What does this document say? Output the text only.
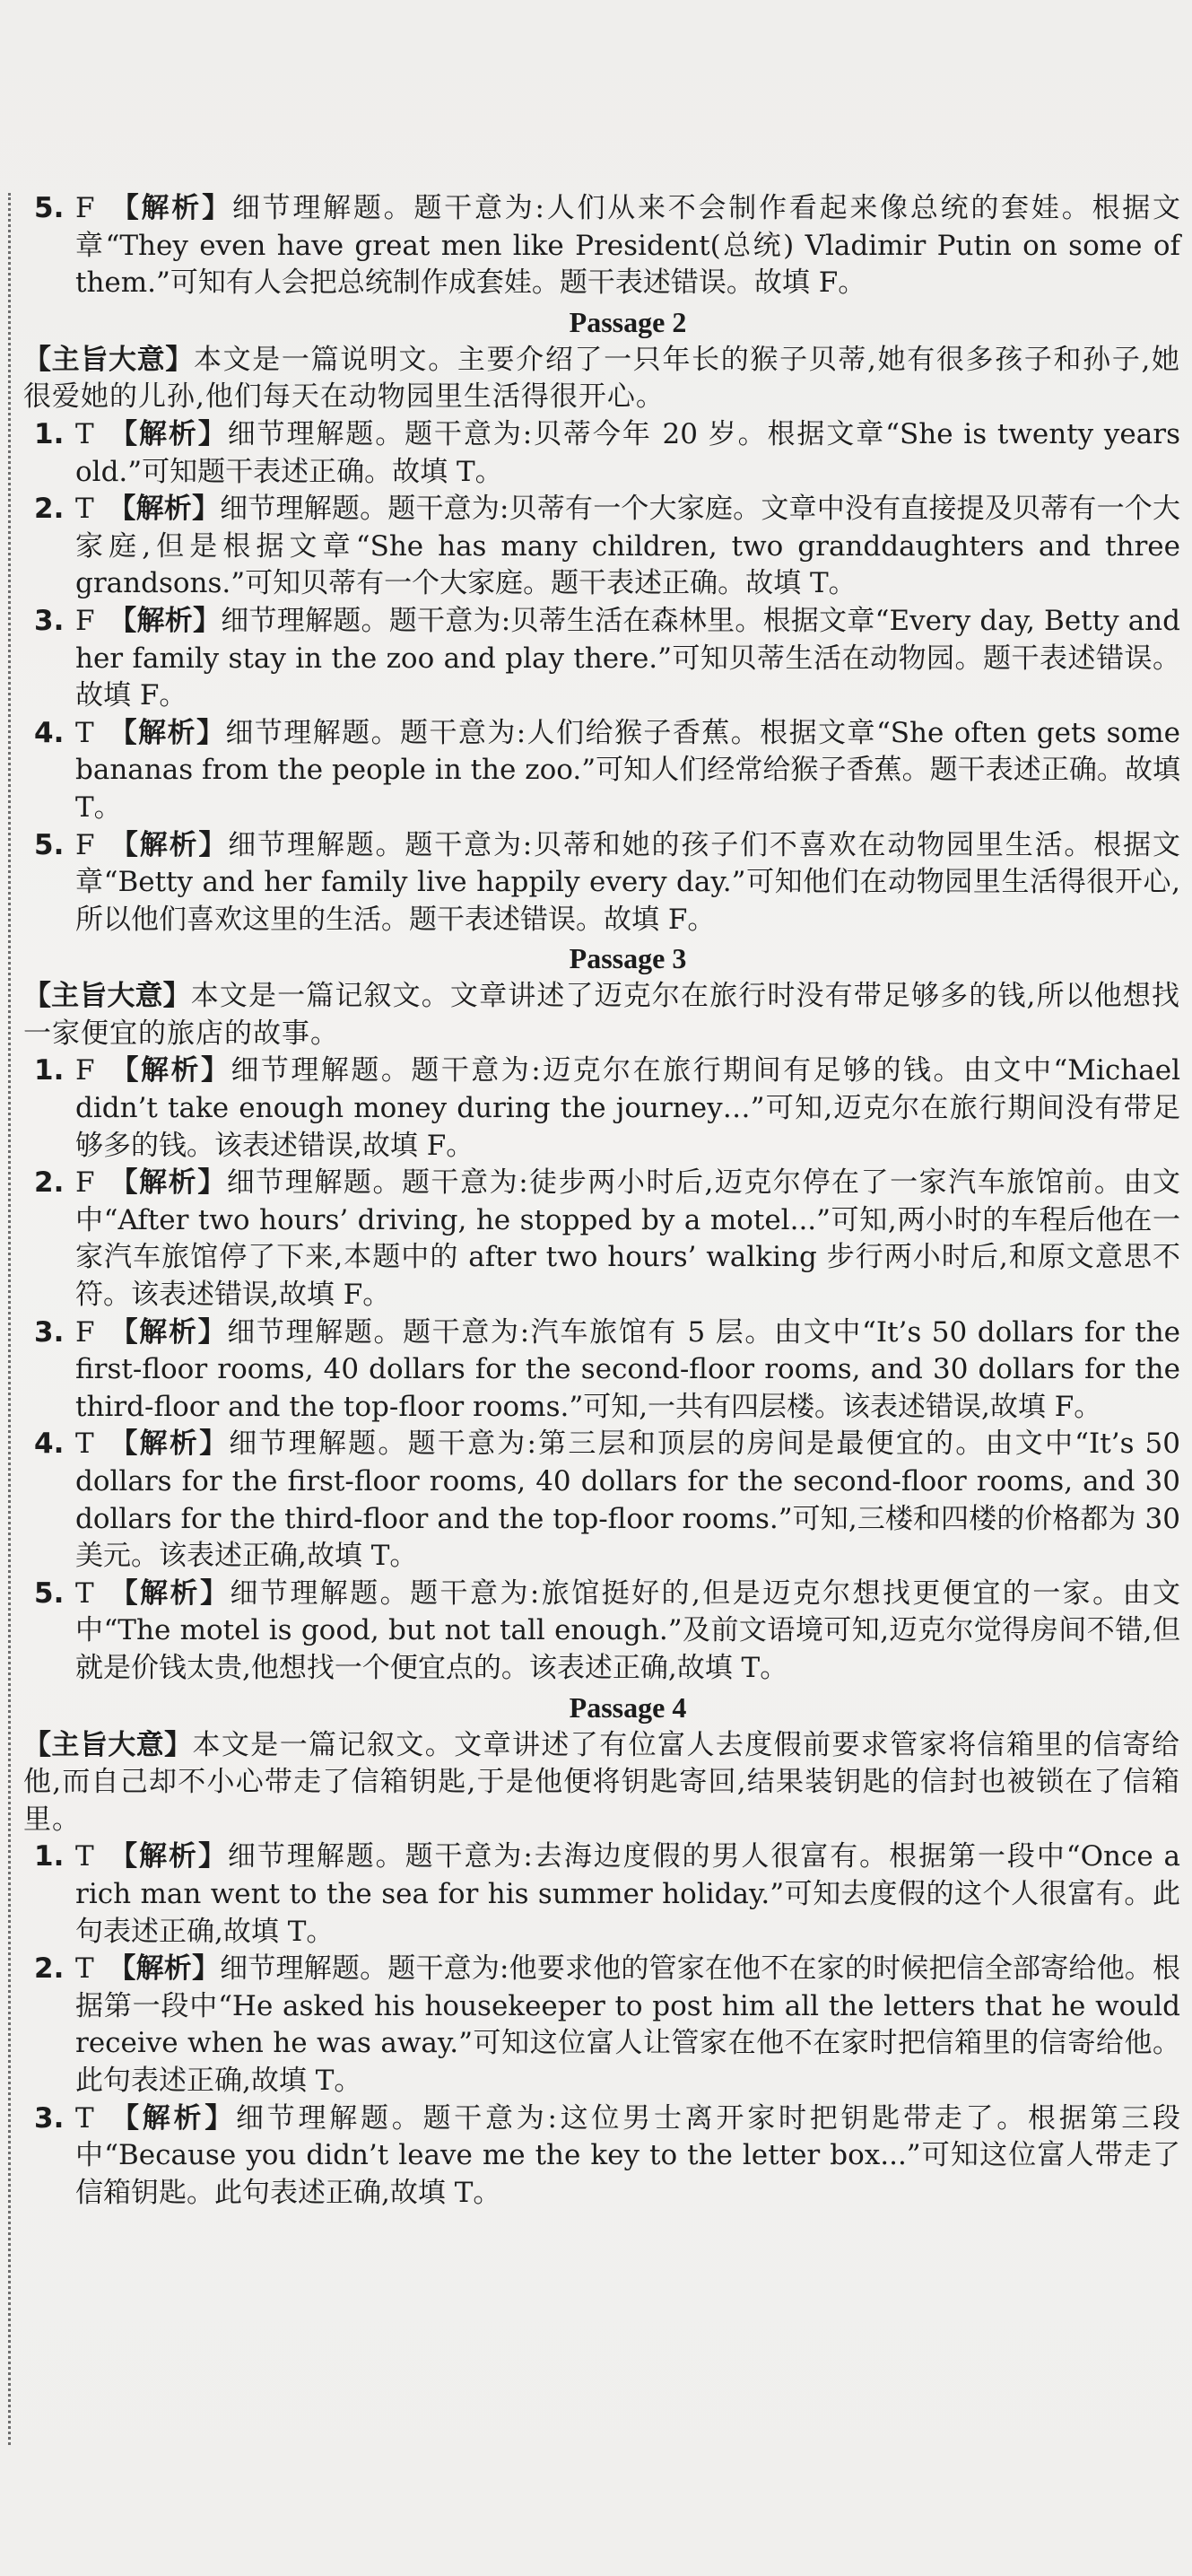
5. F  【解析】细节理解题。题干意为:人们从来不会制作看起来像总统的套娃。根据文章“They even have great men like President(总统) Vladimir Putin on some of them.”可知有人会把总统制作成套娃。题干表述错误。故填 F。
Passage 2
【主旨大意】本文是一篇说明文。主要介绍了一只年长的猴子贝蒂,她有很多孩子和孙子,她很爱她的儿孙,他们每天在动物园里生活得很开心。
1. T  【解析】细节理解题。题干意为:贝蒂今年 20 岁。根据文章“She is twenty years old.”可知题干表述正确。故填 T。
2. T  【解析】细节理解题。题干意为:贝蒂有一个大家庭。文章中没有直接提及贝蒂有一个大家庭,但是根据文章“She has many children, two granddaughters and three grandsons.”可知贝蒂有一个大家庭。题干表述正确。故填 T。
3. F  【解析】细节理解题。题干意为:贝蒂生活在森林里。根据文章“Every day, Betty and her family stay in the zoo and play there.”可知贝蒂生活在动物园。题干表述错误。故填 F。
4. T  【解析】细节理解题。题干意为:人们给猴子香蕉。根据文章“She often gets some bananas from the people in the zoo.”可知人们经常给猴子香蕉。题干表述正确。故填 T。
5. F  【解析】细节理解题。题干意为:贝蒂和她的孩子们不喜欢在动物园里生活。根据文章“Betty and her family live happily every day.”可知他们在动物园里生活得很开心,所以他们喜欢这里的生活。题干表述错误。故填 F。
Passage 3
【主旨大意】本文是一篇记叙文。文章讲述了迈克尔在旅行时没有带足够多的钱,所以他想找一家便宜的旅店的故事。
1. F  【解析】细节理解题。题干意为:迈克尔在旅行期间有足够的钱。由文中“Michael didn’t take enough money during the journey…”可知,迈克尔在旅行期间没有带足够多的钱。该表述错误,故填 F。
2. F  【解析】细节理解题。题干意为:徒步两小时后,迈克尔停在了一家汽车旅馆前。由文中“After two hours’ driving, he stopped by a motel...”可知,两小时的车程后他在一家汽车旅馆停了下来,本题中的 after two hours’ walking 步行两小时后,和原文意思不符。该表述错误,故填 F。
3. F  【解析】细节理解题。题干意为:汽车旅馆有 5 层。由文中“It’s 50 dollars for the first-floor rooms, 40 dollars for the second-floor rooms, and 30 dollars for the third-floor and the top-floor rooms.”可知,一共有四层楼。该表述错误,故填 F。
4. T  【解析】细节理解题。题干意为:第三层和顶层的房间是最便宜的。由文中“It’s 50 dollars for the first-floor rooms, 40 dollars for the second-floor rooms, and 30 dollars for the third-floor and the top-floor rooms.”可知,三楼和四楼的价格都为 30 美元。该表述正确,故填 T。
5. T  【解析】细节理解题。题干意为:旅馆挺好的,但是迈克尔想找更便宜的一家。由文中“The motel is good, but not tall enough.”及前文语境可知,迈克尔觉得房间不错,但就是价钱太贵,他想找一个便宜点的。该表述正确,故填 T。
Passage 4
【主旨大意】本文是一篇记叙文。文章讲述了有位富人去度假前要求管家将信箱里的信寄给他,而自己却不小心带走了信箱钥匙,于是他便将钥匙寄回,结果装钥匙的信封也被锁在了信箱里。
1. T  【解析】细节理解题。题干意为:去海边度假的男人很富有。根据第一段中“Once a rich man went to the sea for his summer holiday.”可知去度假的这个人很富有。此句表述正确,故填 T。
2. T  【解析】细节理解题。题干意为:他要求他的管家在他不在家的时候把信全部寄给他。根据第一段中“He asked his housekeeper to post him all the letters that he would receive when he was away.”可知这位富人让管家在他不在家时把信箱里的信寄给他。此句表述正确,故填 T。
3. T  【解析】细节理解题。题干意为:这位男士离开家时把钥匙带走了。根据第三段中“Because you didn’t leave me the key to the letter box...”可知这位富人带走了信箱钥匙。此句表述正确,故填 T。
